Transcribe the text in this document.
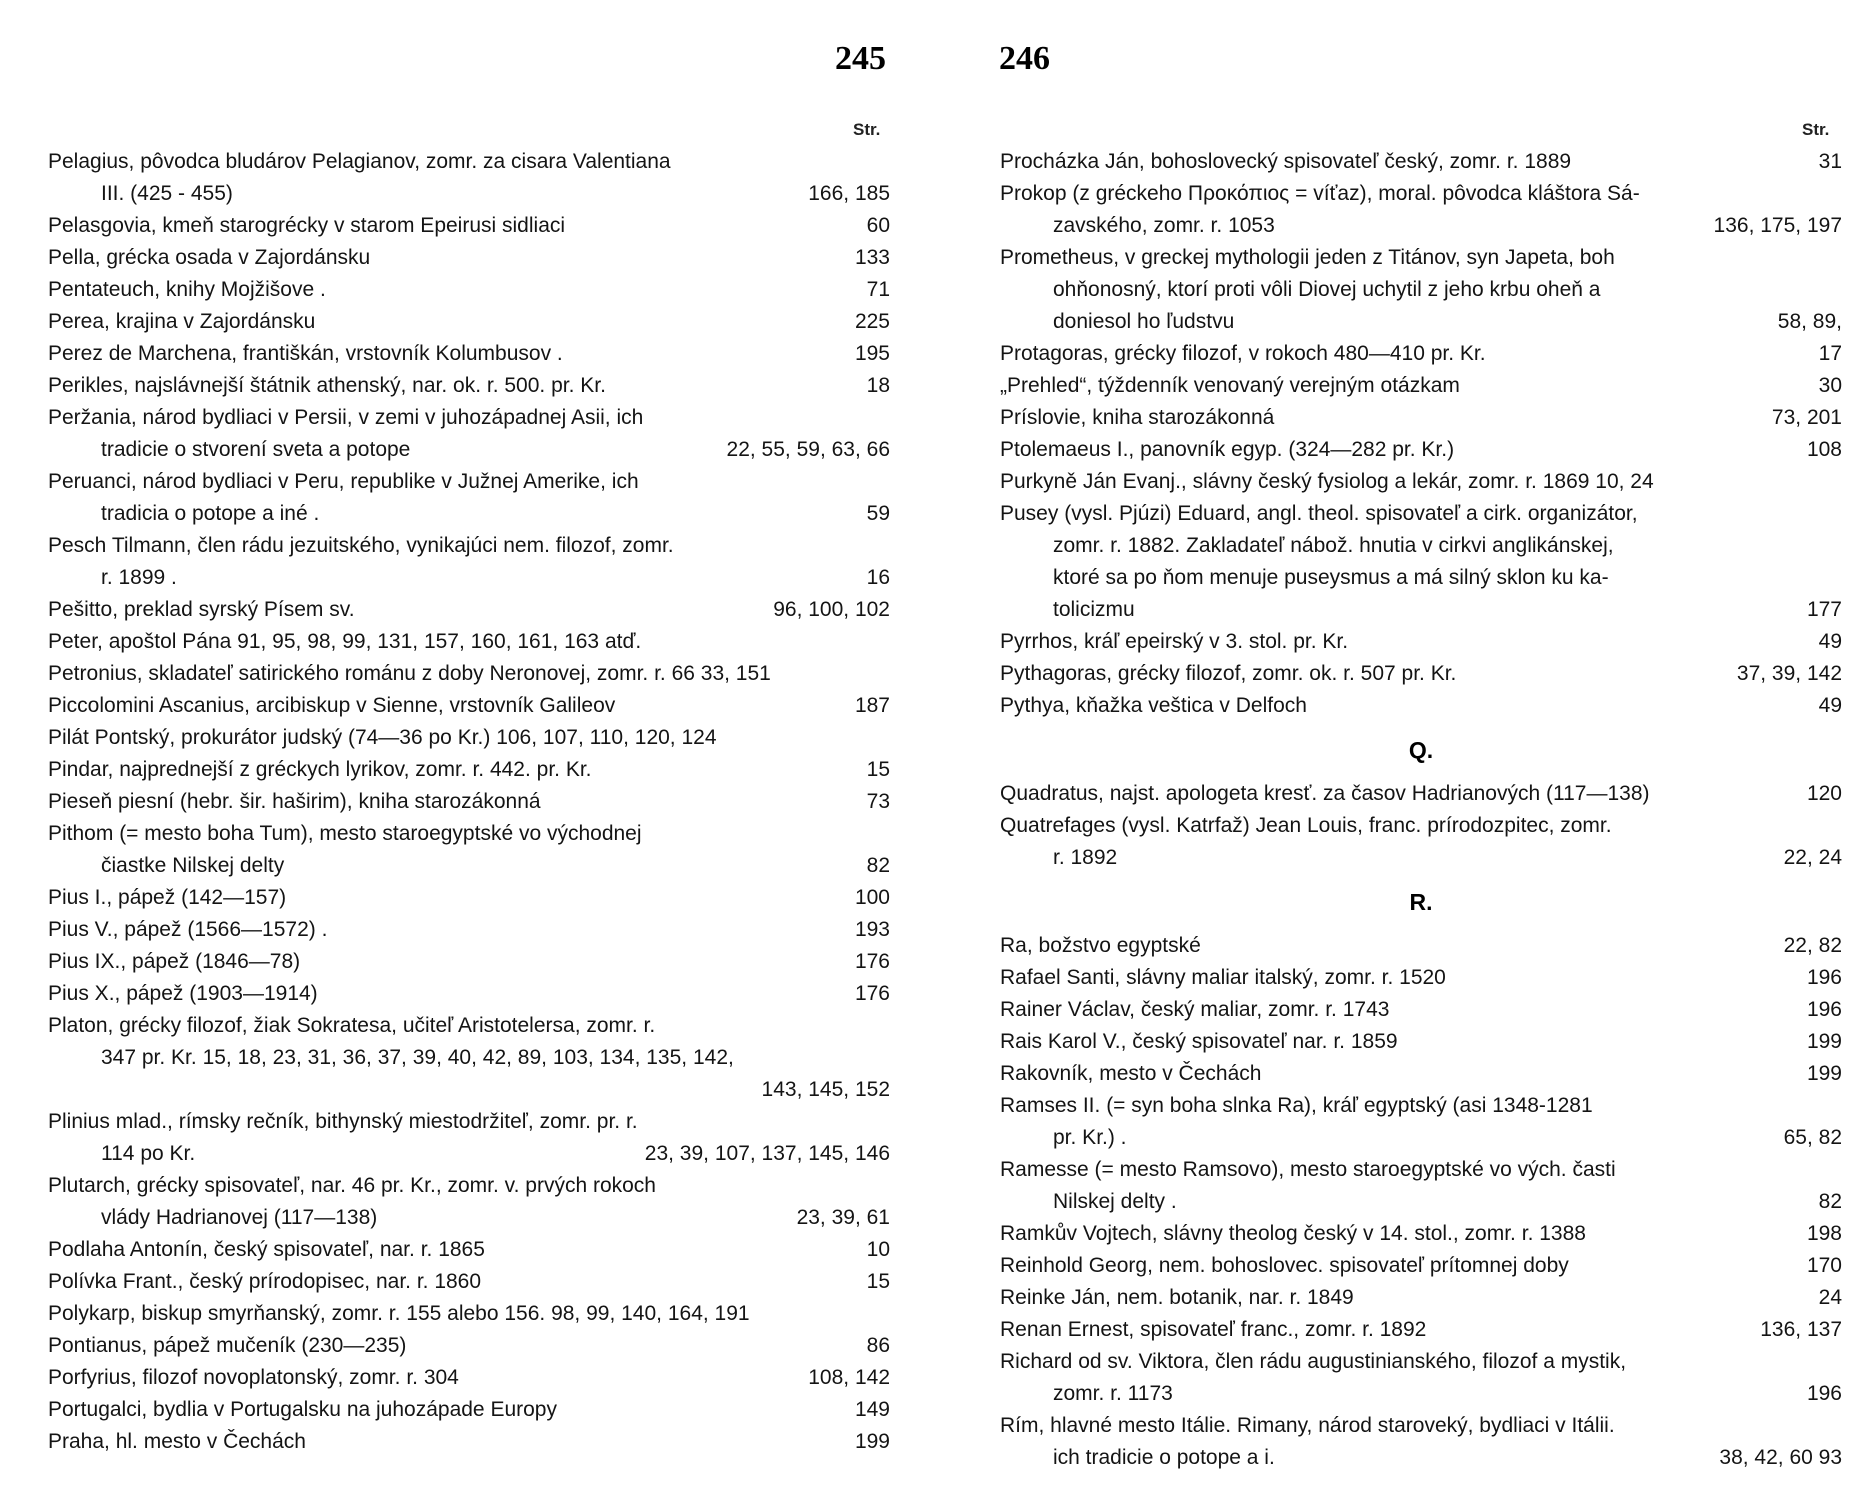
245
Str.
Pelagius, pôvodca bludárov Pelagianov, zomr. za cisara Valentiana
III. (425 - 455)	166, 185
Pelasgovia, kmeň starogrécky v starom Epeirusi sidliaci	60
Pella, grécka osada v Zajordánsku	133
Pentateuch, knihy Mojžišove .	71
Perea, krajina v Zajordánsku	225
Perez de Marchena, františkán, vrstovník Kolumbusov .	195
Perikles, najslávnejší štátnik athenský, nar. ok. r. 500. pr. Kr.	18
Peržania, národ bydliaci v Persii, v zemi v juhozápadnej Asii, ich
tradicie o stvorení sveta a potope	22, 55, 59, 63, 66
Peruanci, národ bydliaci v Peru, republike v Južnej Amerike, ich
tradicia o potope a iné .	59
Pesch Tilmann, člen rádu jezuitského, vynikajúci nem. filozof, zomr.
r. 1899 .	16
Pešitto, preklad syrský Písem sv.	96, 100, 102
Peter, apoštol Pána 91, 95, 98, 99, 131, 157, 160, 161, 163 atď.
Petronius, skladateľ satirického románu z doby Neronovej, zomr. r. 66 33, 151
Piccolomini Ascanius, arcibiskup v Sienne, vrstovník Galileov	187
Pilát Pontský, prokurátor judský (74—36 po Kr.) 106, 107, 110, 120, 124
Pindar, najprednejší z gréckych lyrikov, zomr. r. 442. pr. Kr.	15
Pieseň piesní (hebr. šir. haširim), kniha starozákonná	73
Pithom (= mesto boha Tum), mesto staroegyptské vo východnej
čiastke Nilskej delty	82
Pius I., pápež (142—157)	100
Pius V., pápež (1566—1572) .	193
Pius IX., pápež (1846—78)	176
Pius X., pápež (1903—1914)	176
Platon, grécky filozof, žiak Sokratesa, učiteľ Aristotelersa, zomr. r.
347 pr. Kr. 15, 18, 23, 31, 36, 37, 39, 40, 42, 89, 103, 134, 135, 142,
143, 145, 152
Plinius mlad., rímsky rečník, bithynský miestodržiteľ, zomr. pr. r.
114 po Kr.	23, 39, 107, 137, 145, 146
Plutarch, grécky spisovateľ, nar. 46 pr. Kr., zomr. v. prvých rokoch
vlády Hadrianovej (117—138)	23, 39, 61
Podlaha Antonín, český spisovateľ, nar. r. 1865	10
Polívka Frant., český prírodopisec, nar. r. 1860	15
Polykarp, biskup smyrňanský, zomr. r. 155 alebo 156. 98, 99, 140, 164, 191
Pontianus, pápež mučeník (230—235)	86
Porfyrius, filozof novoplatonský, zomr. r. 304	108, 142
Portugalci, bydlia v Portugalsku na juhozápade Europy	149
Praha, hl. mesto v Čechách	199
246
Str.
Procházka Ján, bohoslovecký spisovateľ český, zomr. r. 1889	31
Prokop (z gréckeho Προκόπιος = víťaz), moral. pôvodca kláštora Sá-
zavského, zomr. r. 1053	136, 175, 197
Prometheus, v greckej mythologii jeden z Titánov, syn Japeta, boh
ohňonosný, ktorí proti vôli Diovej uchytil z jeho krbu oheň a
doniesol ho ľudstvu	58, 89,
Protagoras, grécky filozof, v rokoch 480—410 pr. Kr.	17
„Prehled“, týždenník venovaný verejným otázkam	30
Príslovie, kniha starozákonná	73, 201
Ptolemaeus I., panovník egyp. (324—282 pr. Kr.)	108
Purkyně Ján Evanj., slávny český fysiolog a lekár, zomr. r. 1869 10, 24
Pusey (vysl. Pjúzi) Eduard, angl. theol. spisovateľ a cirk. organizátor,
zomr. r. 1882. Zakladateľ nábož. hnutia v cirkvi anglikánskej,
ktoré sa po ňom menuje puseysmus a má silný sklon ku ka-
tolicizmu	177
Pyrrhos, kráľ epeirský v 3. stol. pr. Kr.	49
Pythagoras, grécky filozof, zomr. ok. r. 507 pr. Kr.	37, 39, 142
Pythya, kňažka veštica v Delfoch	49
Q.
Quadratus, najst. apologeta kresť. za časov Hadrianových (117—138)	120
Quatrefages (vysl. Katrfaž) Jean Louis, franc. prírodozpitec, zomr.
r. 1892	22, 24
R.
Ra, božstvo egyptské	22, 82
Rafael Santi, slávny maliar italský, zomr. r. 1520	196
Rainer Václav, český maliar, zomr. r. 1743	196
Rais Karol V., český spisovateľ nar. r. 1859	199
Rakovník, mesto v Čechách	199
Ramses II. (= syn boha slnka Ra), kráľ egyptský (asi 1348-1281
pr. Kr.) .	65, 82
Ramesse (= mesto Ramsovo), mesto staroegyptské vo vých. časti
Nilskej delty .	82
Ramkův Vojtech, slávny theolog český v 14. stol., zomr. r. 1388	198
Reinhold Georg, nem. bohoslovec. spisovateľ prítomnej doby	170
Reinke Ján, nem. botanik, nar. r. 1849	24
Renan Ernest, spisovateľ franc., zomr. r. 1892	136, 137
Richard od sv. Viktora, člen rádu augustinianského, filozof a mystik,
zomr. r. 1173	196
Rím, hlavné mesto Itálie. Rimany, národ staroveký, bydliaci v Itálii.
ich tradicie o potope a i.	38, 42, 60 93
